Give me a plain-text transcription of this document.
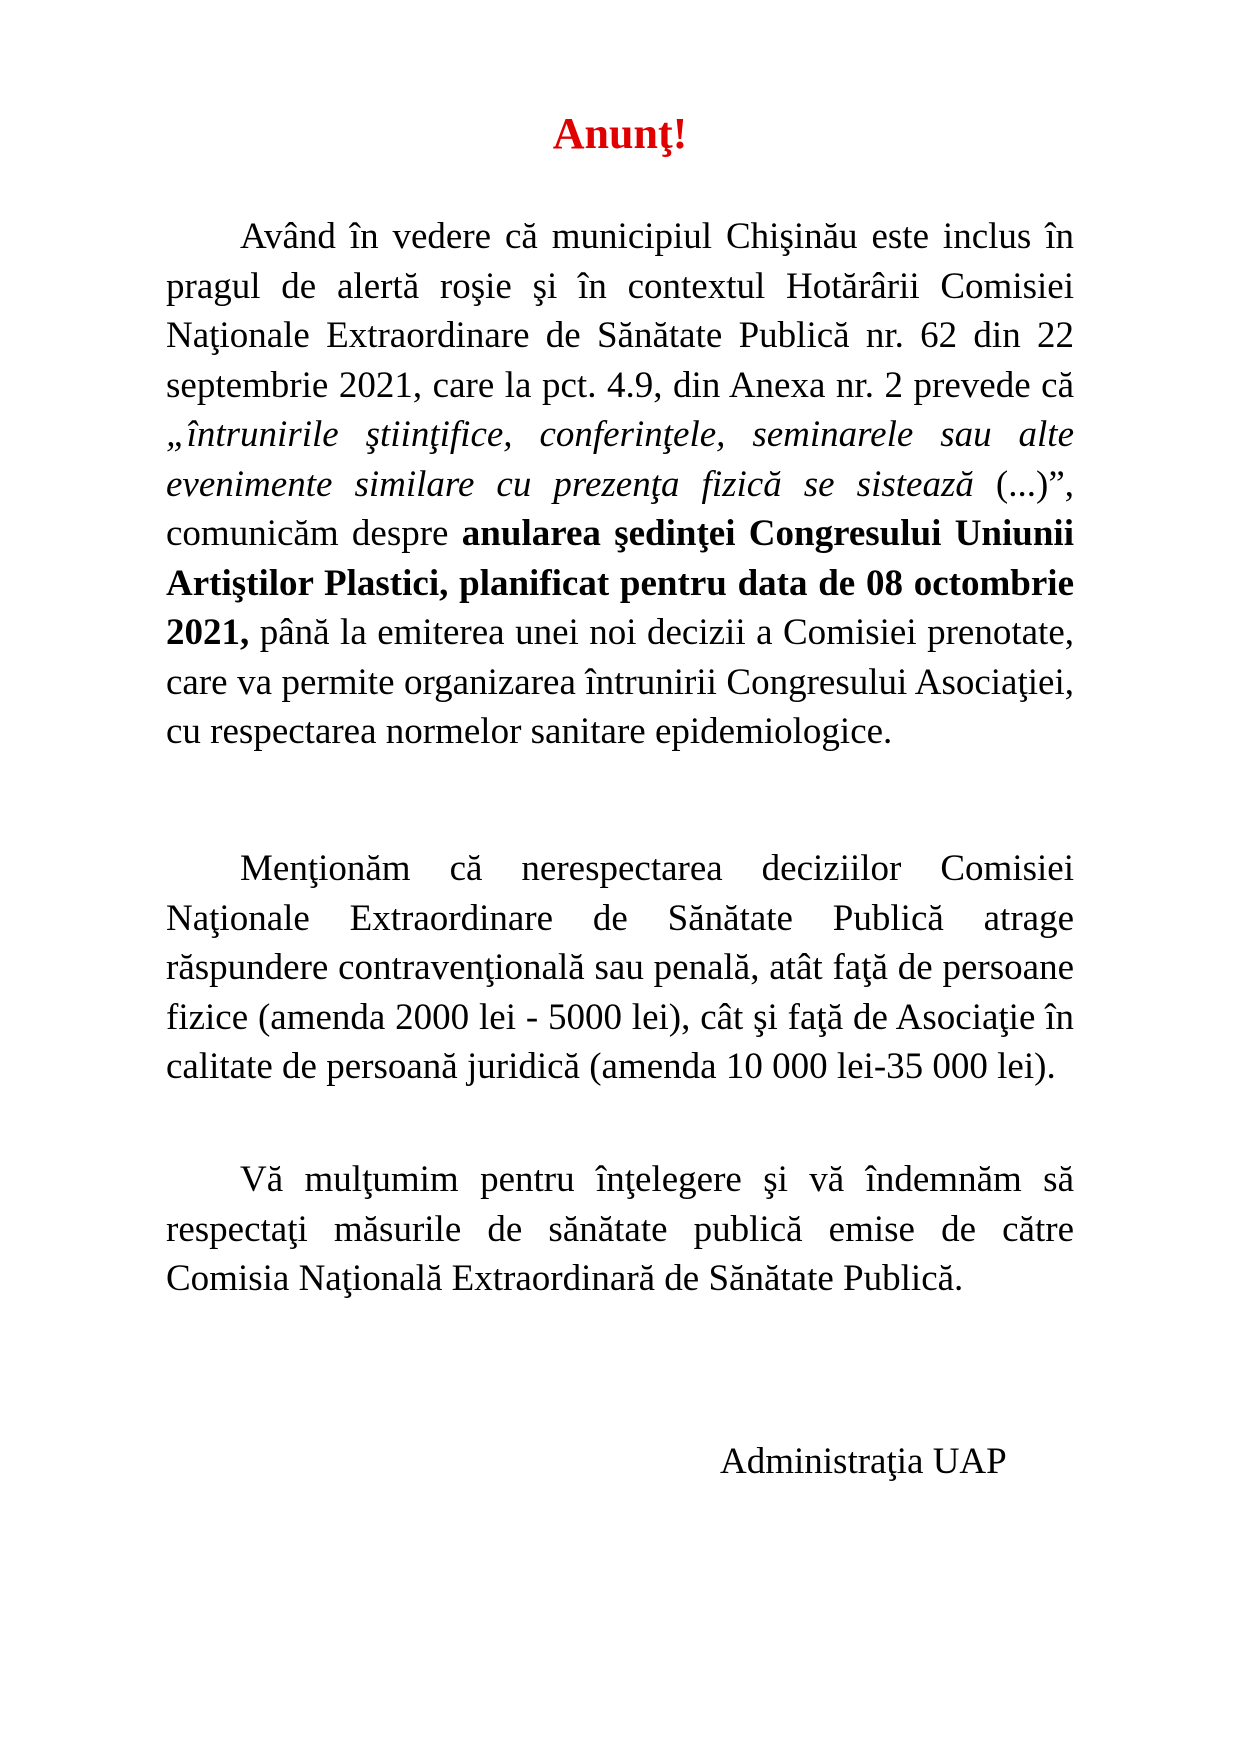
Anunţ!

Având în vedere că municipiul Chişinău este inclus în pragul de alertă roşie şi în contextul Hotărârii Comisiei Naţionale Extraordinare de Sănătate Publică nr. 62 din 22 septembrie 2021, care la pct. 4.9, din Anexa nr. 2 prevede că „întrunirile ştiinţifice, conferinţele, seminarele sau alte evenimente similare cu prezenţa fizică se sistează (...)”, comunicăm despre anularea şedinţei Congresului Uniunii Artiştilor Plastici, planificat pentru data de 08 octombrie 2021, până la emiterea unei noi decizii a Comisiei prenotate, care va permite organizarea întrunirii Congresului Asociaţiei, cu respectarea normelor sanitare epidemiologice.

Menţionăm că nerespectarea deciziilor Comisiei Naţionale Extraordinare de Sănătate Publică atrage răspundere contravenţională sau penală, atât faţă de persoane fizice (amenda 2000 lei - 5000 lei), cât şi faţă de Asociaţie în calitate de persoană juridică (amenda 10 000 lei-35 000 lei).

Vă mulţumim pentru înţelegere şi vă îndemnăm să respectaţi măsurile de sănătate publică emise de către Comisia Naţională Extraordinară de Sănătate Publică.

Administraţia UAP
